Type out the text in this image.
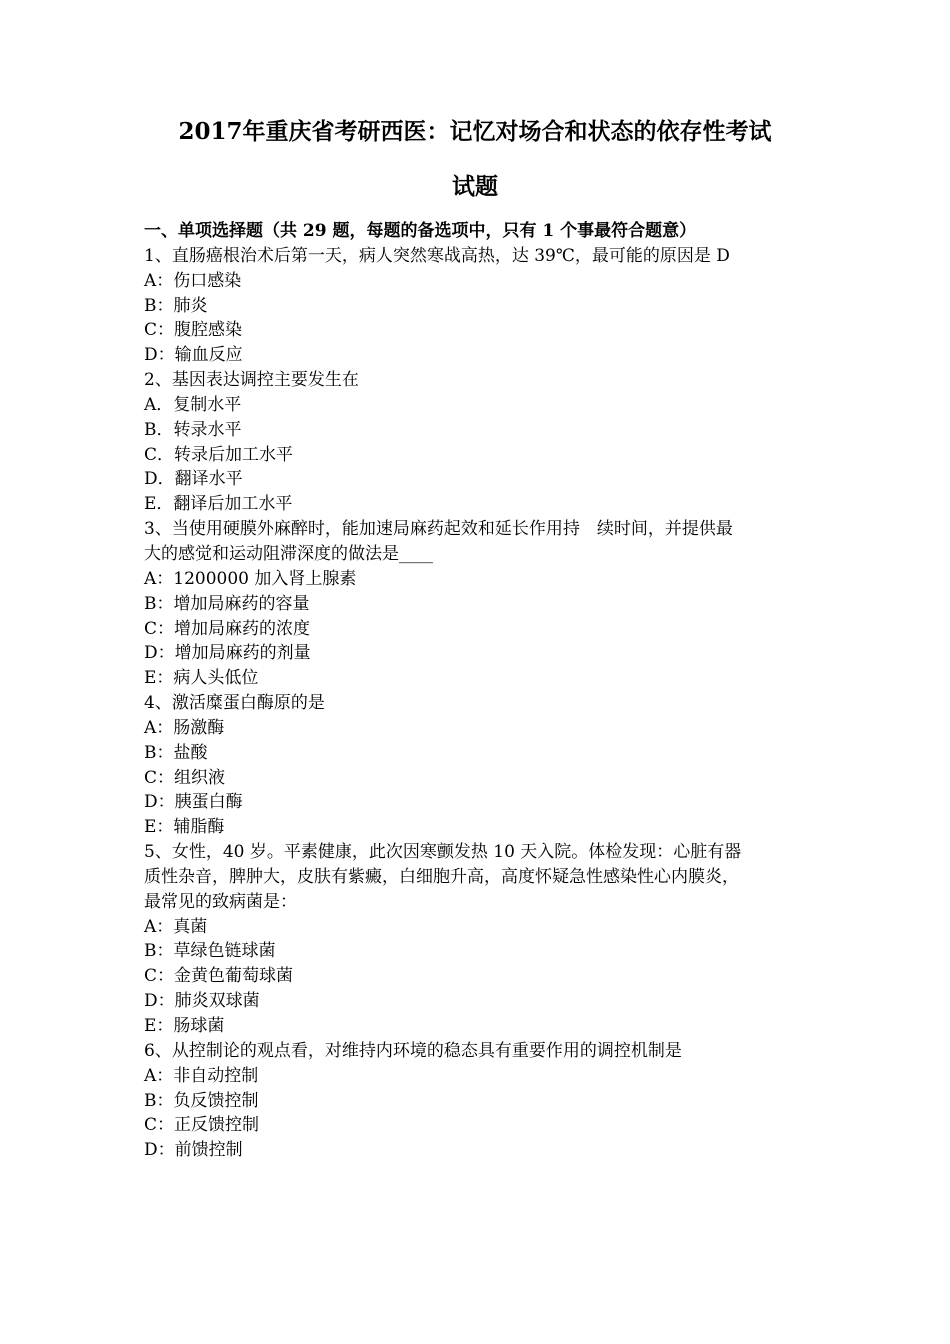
2017年重庆省考研西医：记忆对场合和状态的依存性考试
试题
一、单项选择题（共 29 题，每题的备选项中，只有 1 个事最符合题意）
1、直肠癌根治术后第一天，病人突然寒战高热，达 39℃，最可能的原因是 D
A：伤口感染
B：肺炎
C：腹腔感染
D：输血反应
2、基因表达调控主要发生在
A．复制水平
B．转录水平
C．转录后加工水平
D．翻译水平
E．翻译后加工水平
3、当使用硬膜外麻醉时，能加速局麻药起效和延长作用持　续时间，并提供最
大的感觉和运动阻滞深度的做法是____
A：1200000 加入肾上腺素
B：增加局麻药的容量
C：增加局麻药的浓度
D：增加局麻药的剂量
E：病人头低位
4、激活糜蛋白酶原的是
A：肠激酶
B：盐酸
C：组织液
D：胰蛋白酶
E：辅脂酶
5、女性，40 岁。平素健康，此次因寒颤发热 10 天入院。体检发现：心脏有器
质性杂音，脾肿大，皮肤有紫癜，白细胞升高，高度怀疑急性感染性心内膜炎，
最常见的致病菌是：
A：真菌
B：草绿色链球菌
C：金黄色葡萄球菌
D：肺炎双球菌
E：肠球菌
6、从控制论的观点看，对维持内环境的稳态具有重要作用的调控机制是
A：非自动控制
B：负反馈控制
C：正反馈控制
D：前馈控制
